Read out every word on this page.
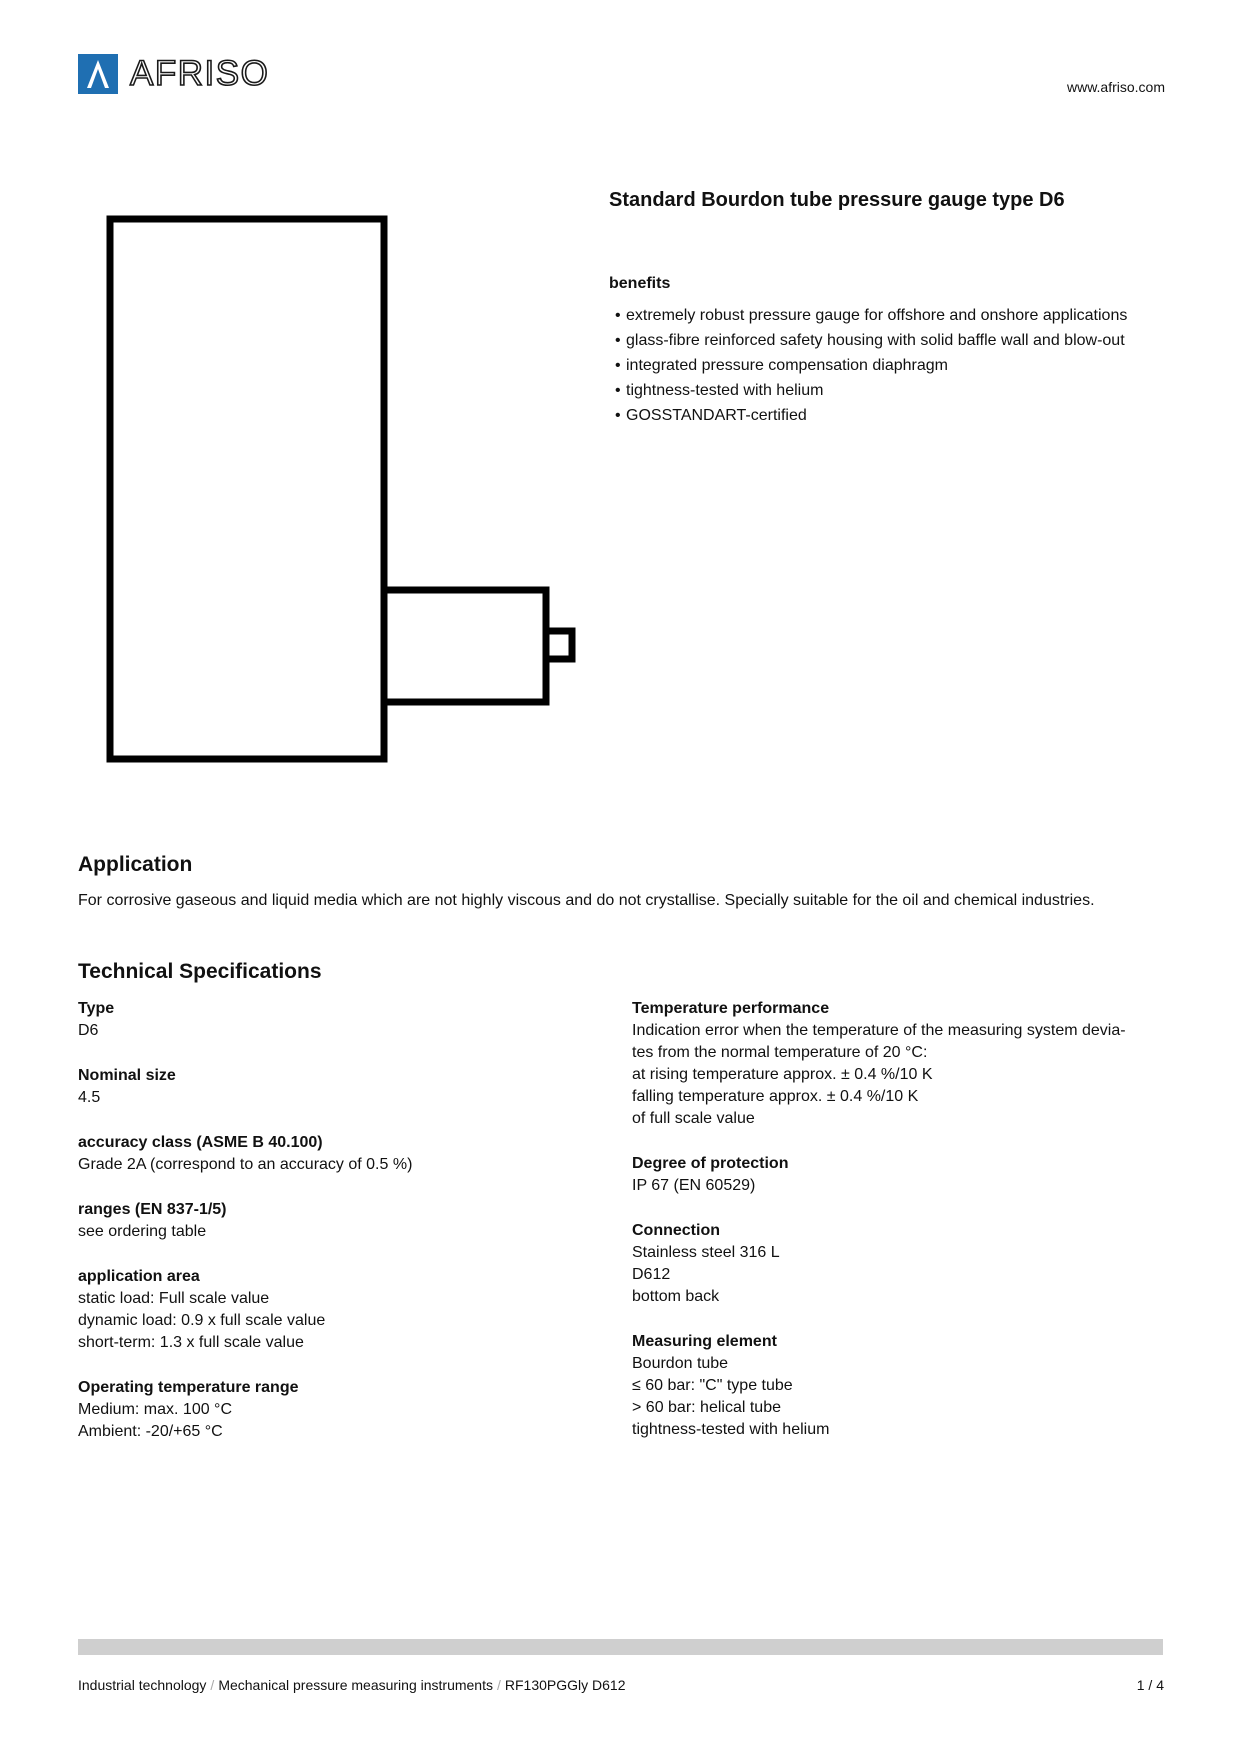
AFRISO	www.afriso.com
Standard Bourdon tube pressure gauge type D6
benefits
• extremely robust pressure gauge for offshore and onshore applications
• glass-fibre reinforced safety housing with solid baffle wall and blow-out
• integrated pressure compensation diaphragm
• tightness-tested with helium
• GOSSTANDART-certified
Application
For corrosive gaseous and liquid media which are not highly viscous and do not crystallise. Specially suitable for the oil and chemical industries.
Technical Specifications
Type
D6
Nominal size
4.5
accuracy class (ASME B 40.100)
Grade 2A (correspond to an accuracy of 0.5 %)
ranges (EN 837-1/5)
see ordering table
application area
static load: Full scale value
dynamic load: 0.9 x full scale value
short-term: 1.3 x full scale value
Operating temperature range
Medium: max. 100 °C
Ambient: -20/+65 °C
Temperature performance
Indication error when the temperature of the measuring system devia-
tes from the normal temperature of 20 °C:
at rising temperature approx. ± 0.4 %/10 K
falling temperature approx. ± 0.4 %/10 K
of full scale value
Degree of protection
IP 67 (EN 60529)
Connection
Stainless steel 316 L
D612
bottom back
Measuring element
Bourdon tube
≤ 60 bar: "C" type tube
> 60 bar: helical tube
tightness-tested with helium
Industrial technology / Mechanical pressure measuring instruments / RF130PGGly D612	1 / 4
